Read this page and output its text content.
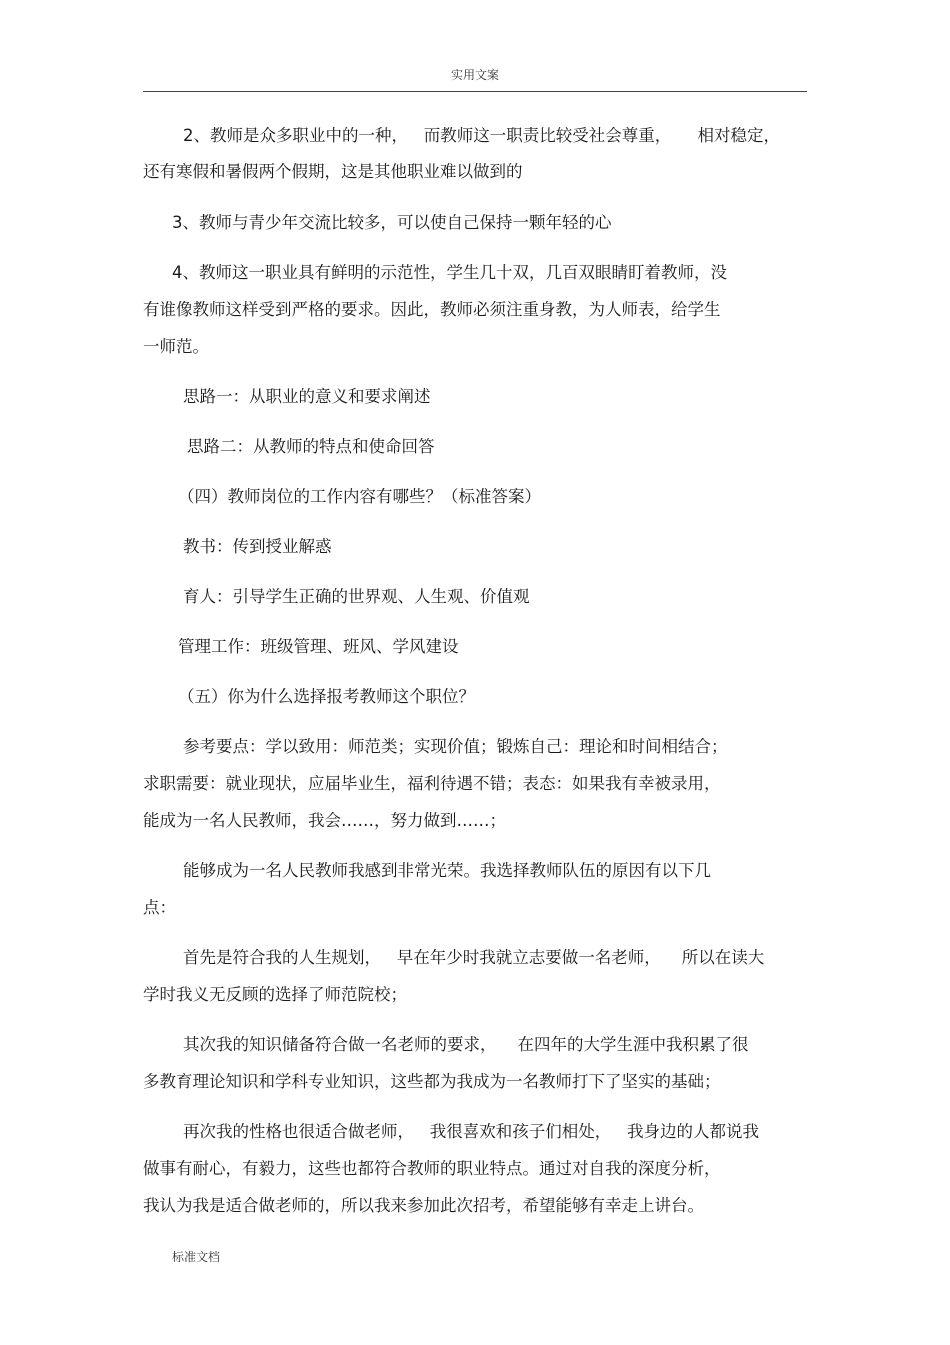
实用文案
2、教师是众多职业中的一种，   而教师这一职责比较受社会尊重，     相对稳定，
还有寒假和暑假两个假期，这是其他职业难以做到的
3、教师与青少年交流比较多，可以使自己保持一颗年轻的心
4、教师这一职业具有鲜明的示范性，学生几十双，几百双眼睛盯着教师，没
有谁像教师这样受到严格的要求。因此，教师必须注重身教，为人师表，给学生
一师范。
思路一：从职业的意义和要求阐述
思路二：从教师的特点和使命回答
（四）教师岗位的工作内容有哪些？（标准答案）
教书：传到授业解惑
育人：引导学生正确的世界观、人生观、价值观
管理工作：班级管理、班风、学风建设
（五）你为什么选择报考教师这个职位？
参考要点：学以致用：师范类；实现价值；锻炼自己：理论和时间相结合；
求职需要：就业现状，应届毕业生，福利待遇不错；表态：如果我有幸被录用，
能成为一名人民教师，我会……，努力做到……；
能够成为一名人民教师我感到非常光荣。我选择教师队伍的原因有以下几
点：
首先是符合我的人生规划，   早在年少时我就立志要做一名老师，    所以在读大
学时我义无反顾的选择了师范院校；
其次我的知识储备符合做一名老师的要求，    在四年的大学生涯中我积累了很
多教育理论知识和学科专业知识，这些都为我成为一名教师打下了坚实的基础；
再次我的性格也很适合做老师，   我很喜欢和孩子们相处，   我身边的人都说我
做事有耐心，有毅力，这些也都符合教师的职业特点。通过对自我的深度分析，
我认为我是适合做老师的，所以我来参加此次招考，希望能够有幸走上讲台。
标准文档
